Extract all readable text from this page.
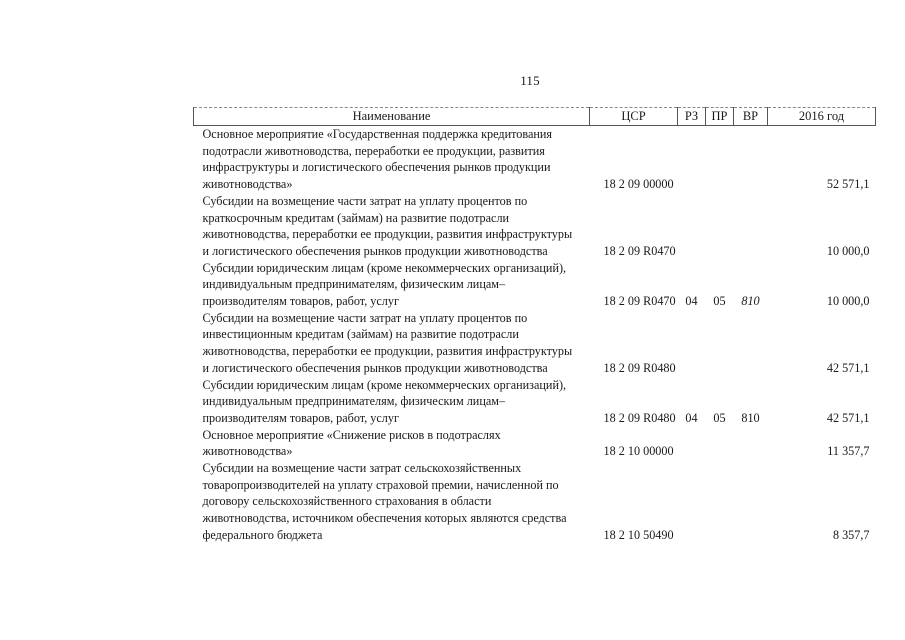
115
Наименование	ЦСР	РЗ	ПР	ВР	2016 год
Основное мероприятие «Государственная поддержка кредитования подотрасли животноводства, переработки ее продукции, развития инфраструктуры и логистического обеспечения рынков продукции животноводства»	18 2 09 00000				52 571,1
Субсидии на возмещение части затрат на уплату процентов по краткосрочным кредитам (займам) на развитие подотрасли животноводства, переработки ее продукции, развития инфраструктуры и логистического обеспечения рынков продукции животноводства	18 2 09 R0470				10 000,0
Субсидии юридическим лицам (кроме некоммерческих организаций), индивидуальным предпринимателям, физическим лицам–производителям товаров, работ, услуг	18 2 09 R0470	04	05	810	10 000,0
Субсидии на возмещение части затрат на уплату процентов по инвестиционным кредитам (займам) на развитие подотрасли животноводства, переработки ее продукции, развития инфраструктуры и логистического обеспечения рынков продукции животноводства	18 2 09 R0480				42 571,1
Субсидии юридическим лицам (кроме некоммерческих организаций), индивидуальным предпринимателям, физическим лицам–производителям товаров, работ, услуг	18 2 09 R0480	04	05	810	42 571,1
Основное мероприятие «Снижение рисков в подотраслях животноводства»	18 2 10 00000				11 357,7
Субсидии на возмещение части затрат сельскохозяйственных товаропроизводителей на уплату страховой премии, начисленной по договору сельскохозяйственного страхования в области животноводства, источником обеспечения которых являются средства федерального бюджета	18 2 10 50490				8 357,7
